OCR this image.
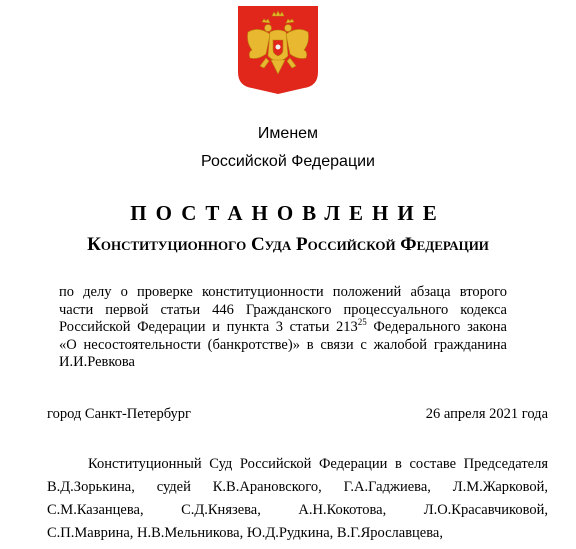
Именем
Российской Федерации
ПОСТАНОВЛЕНИЕ
Конституционного Суда Российской Федерации
по делу о проверке конституционности положений абзаца второго
части первой статьи 446 Гражданского процессуального кодекса
Российской Федерации и пункта 3 статьи $213^{25}$ Федерального закона
«О несостоятельности (банкротстве)» в связи с жалобой гражданина
И.И.Ревкова
город Санкт-Петербург	26 апреля 2021 года
Конституционный Суд Российской Федерации в составе Председателя
В.Д.Зорькина, судей К.В.Арановского, Г.А.Гаджиева, Л.М.Жарковой,
С.М.Казанцева,	С.Д.Князева,	А.Н.Кокотова,	Л.О.Красавчиковой,
С.П.Маврина, Н.В.Мельникова, Ю.Д.Рудкина, В.Г.Ярославцева,
